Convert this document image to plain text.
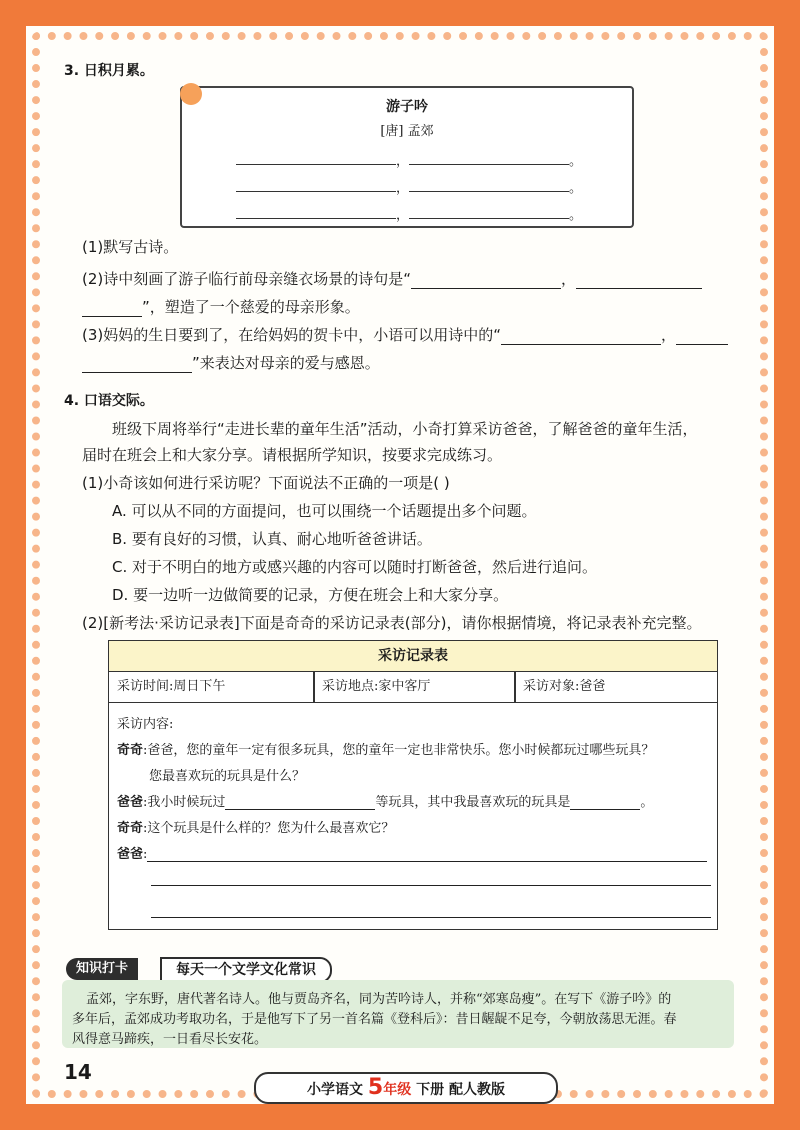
3. 日积月累。
游子吟
[唐] 孟郊
，	。
，	。
，	。
(1)默写古诗。
(2)诗中刻画了游子临行前母亲缝衣场景的诗句是“	，
”，塑造了一个慈爱的母亲形象。
(3)妈妈的生日要到了，在给妈妈的贺卡中，小语可以用诗中的“	，
”来表达对母亲的爱与感恩。
4. 口语交际。
班级下周将举行“走进长辈的童年生活”活动，小奇打算采访爸爸，了解爸爸的童年生活，
届时在班会上和大家分享。请根据所学知识，按要求完成练习。
(1)小奇该如何进行采访呢？下面说法不正确的一项是( )
A. 可以从不同的方面提问，也可以围绕一个话题提出多个问题。
B. 要有良好的习惯，认真、耐心地听爸爸讲话。
C. 对于不明白的地方或感兴趣的内容可以随时打断爸爸，然后进行追问。
D. 要一边听一边做简要的记录，方便在班会上和大家分享。
(2)[新考法·采访记录表]下面是奇奇的采访记录表(部分)，请你根据情境，将记录表补充完整。
采访记录表
采访时间:周日下午	采访地点:家中客厅	采访对象:爸爸
采访内容:
奇奇:爸爸，您的童年一定有很多玩具，您的童年一定也非常快乐。您小时候都玩过哪些玩具？
您最喜欢玩的玩具是什么？
爸爸:我小时候玩过	等玩具，其中我最喜欢玩的玩具是	。
奇奇:这个玩具是什么样的？您为什么最喜欢它？
爸爸:
知识打卡	每天一个文学文化常识
孟郊，字东野，唐代著名诗人。他与贾岛齐名，同为苦吟诗人，并称“郊寒岛瘦”。在写下《游子吟》的
多年后，孟郊成功考取功名，于是他写下了另一首名篇《登科后》：昔日龌龊不足夸，今朝放荡思无涯。春
风得意马蹄疾，一日看尽长安花。
14
小学语文 5年级 下册 配人教版
